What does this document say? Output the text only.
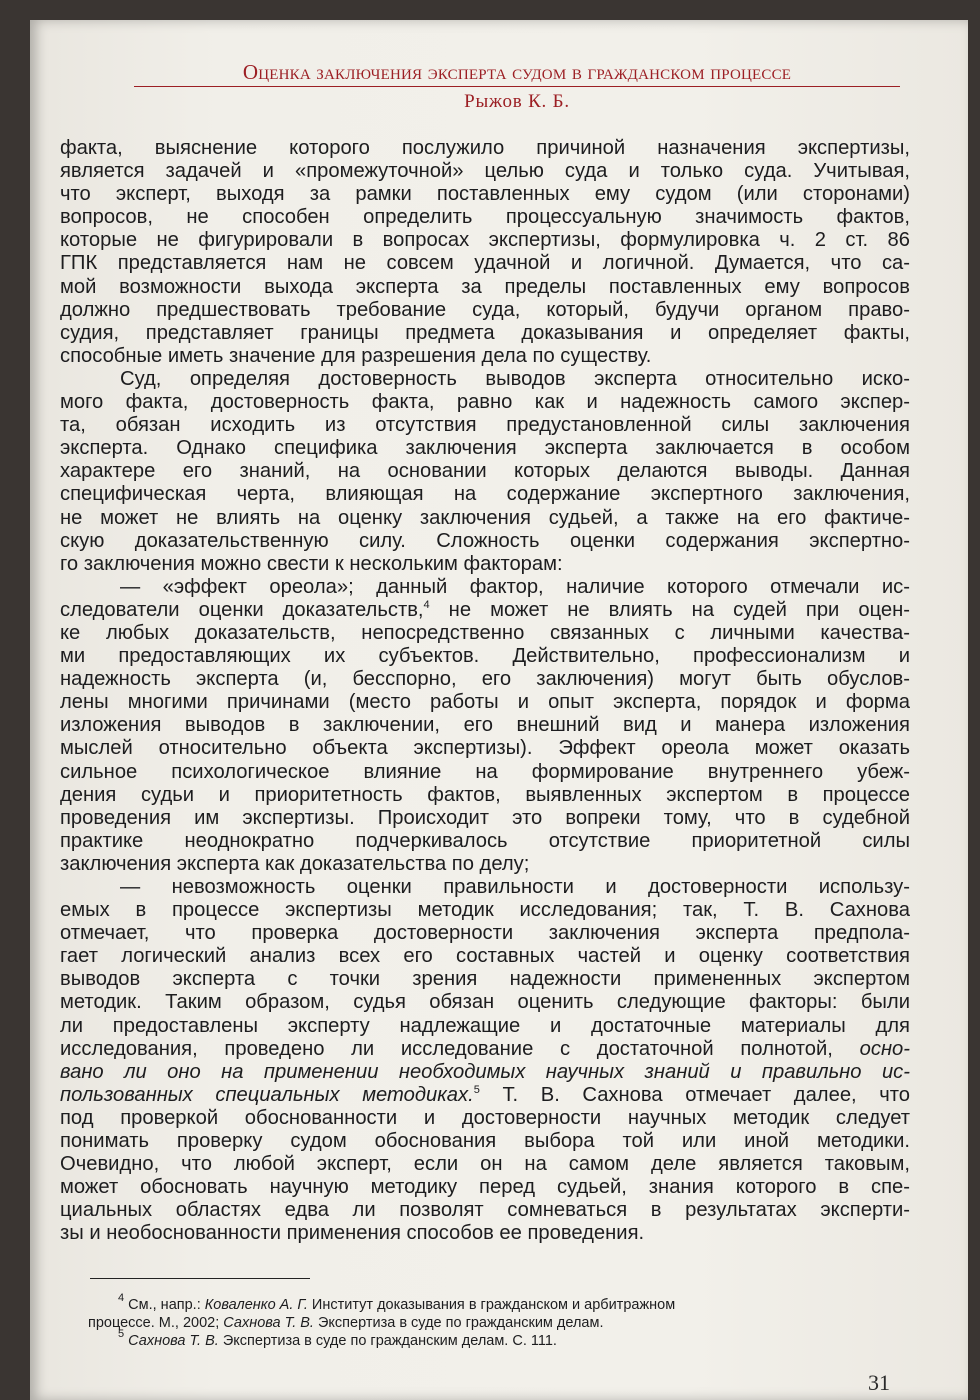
Оценка заключения эксперта судом в гражданском процессе
Рыжов К. Б.
факта, выяснение которого послужило причиной назначения экспертизы,
является задачей и «промежуточной» целью суда и только суда. Учитывая,
что эксперт, выходя за рамки поставленных ему судом (или сторонами)
вопросов, не способен определить процессуальную значимость фактов,
которые не фигурировали в вопросах экспертизы, формулировка ч. 2 ст. 86
ГПК представляется нам не совсем удачной и логичной. Думается, что са-
мой возможности выхода эксперта за пределы поставленных ему вопросов
должно предшествовать требование суда, который, будучи органом право-
судия, представляет границы предмета доказывания и определяет факты,
способные иметь значение для разрешения дела по существу.
Суд, определяя достоверность выводов эксперта относительно иско-
мого факта, достоверность факта, равно как и надежность самого экспер-
та, обязан исходить из отсутствия предустановленной силы заключения
эксперта. Однако специфика заключения эксперта заключается в особом
характере его знаний, на основании которых делаются выводы. Данная
специфическая черта, влияющая на содержание экспертного заключения,
не может не влиять на оценку заключения судьей, а также на его фактиче-
скую доказательственную силу. Сложность оценки содержания экспертно-
го заключения можно свести к нескольким факторам:
— «эффект ореола»; данный фактор, наличие которого отмечали ис-
следователи оценки доказательств,$^4$ не может не влиять на судей при оцен-
ке любых доказательств, непосредственно связанных с личными качества-
ми предоставляющих их субъектов. Действительно, профессионализм и
надежность эксперта (и, бесспорно, его заключения) могут быть обуслов-
лены многими причинами (место работы и опыт эксперта, порядок и форма
изложения выводов в заключении, его внешний вид и манера изложения
мыслей относительно объекта экспертизы). Эффект ореола может оказать
сильное психологическое влияние на формирование внутреннего убеж-
дения судьи и приоритетность фактов, выявленных экспертом в процессе
проведения им экспертизы. Происходит это вопреки тому, что в судебной
практике неоднократно подчеркивалось отсутствие приоритетной силы
заключения эксперта как доказательства по делу;
— невозможность оценки правильности и достоверности использу-
емых в процессе экспертизы методик исследования; так, Т. В. Сахнова
отмечает, что проверка достоверности заключения эксперта предпола-
гает логический анализ всех его составных частей и оценку соответствия
выводов эксперта с точки зрения надежности примененных экспертом
методик. Таким образом, судья обязан оценить следующие факторы: были
ли предоставлены эксперту надлежащие и достаточные материалы для
исследования, проведено ли исследование с достаточной полнотой, осно-
вано ли оно на применении необходимых научных знаний и правильно ис-
пользованных специальных методиках.$^5$ Т. В. Сахнова отмечает далее, что
под проверкой обоснованности и достоверности научных методик следует
понимать проверку судом обоснования выбора той или иной методики.
Очевидно, что любой эксперт, если он на самом деле является таковым,
может обосновать научную методику перед судьей, знания которого в спе-
циальных областях едва ли позволят сомневаться в результатах эксперти-
зы и необоснованности применения способов ее проведения.
$^4$ См., напр.: Коваленко А. Г. Институт доказывания в гражданском и арбитражном
процессе. М., 2002; Сахнова Т. В. Экспертиза в суде по гражданским делам.
$^5$ Сахнова Т. В. Экспертиза в суде по гражданским делам. С. 111.
31
